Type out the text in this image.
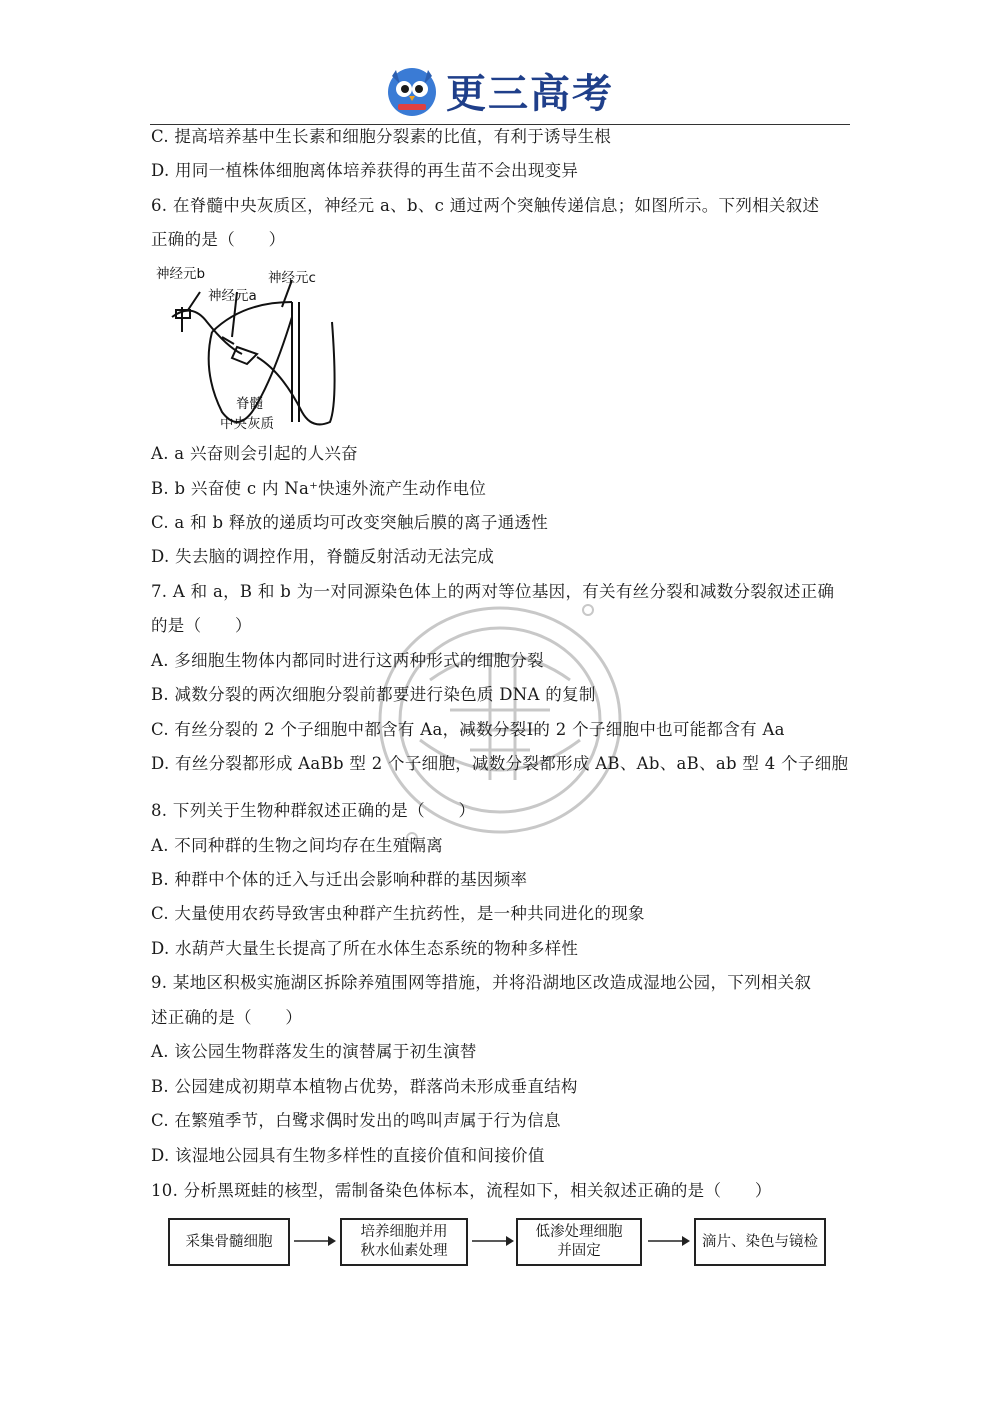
更三高考
C. 提高培养基中生长素和细胞分裂素的比值，有利于诱导生根
D. 用同一植株体细胞离体培养获得的再生苗不会出现变异
6. 在脊髓中央灰质区，神经元 a、b、c 通过两个突触传递信息；如图所示。下列相关叙述
正确的是（　　）
神经元b
神经元a
神经元c
脊髓
中央灰质
A. a 兴奋则会引起的人兴奋
B. b 兴奋使 c 内 Na⁺快速外流产生动作电位
C. a 和 b 释放的递质均可改变突触后膜的离子通透性
D. 失去脑的调控作用，脊髓反射活动无法完成
7. A 和 a，B 和 b 为一对同源染色体上的两对等位基因，有关有丝分裂和减数分裂叙述正确
的是（　　）
A. 多细胞生物体内都同时进行这两种形式的细胞分裂
B. 减数分裂的两次细胞分裂前都要进行染色质 DNA 的复制
C. 有丝分裂的 2 个子细胞中都含有 Aa，减数分裂Ⅰ的 2 个子细胞中也可能都含有 Aa
D. 有丝分裂都形成 AaBb 型 2 个子细胞，减数分裂都形成 AB、Ab、aB、ab 型 4 个子细胞
8. 下列关于生物种群叙述正确的是（　　）
A. 不同种群的生物之间均存在生殖隔离
B. 种群中个体的迁入与迁出会影响种群的基因频率
C. 大量使用农药导致害虫种群产生抗药性，是一种共同进化的现象
D. 水葫芦大量生长提高了所在水体生态系统的物种多样性
9. 某地区积极实施湖区拆除养殖围网等措施，并将沿湖地区改造成湿地公园，下列相关叙
述正确的是（　　）
A. 该公园生物群落发生的演替属于初生演替
B. 公园建成初期草本植物占优势，群落尚未形成垂直结构
C. 在繁殖季节，白鹭求偶时发出的鸣叫声属于行为信息
D. 该湿地公园具有生物多样性的直接价值和间接价值
10. 分析黑斑蛙的核型，需制备染色体标本，流程如下，相关叙述正确的是（　　）
采集骨髓细胞
培养细胞并用
秋水仙素处理
低渗处理细胞
并固定
滴片、染色与镜检
